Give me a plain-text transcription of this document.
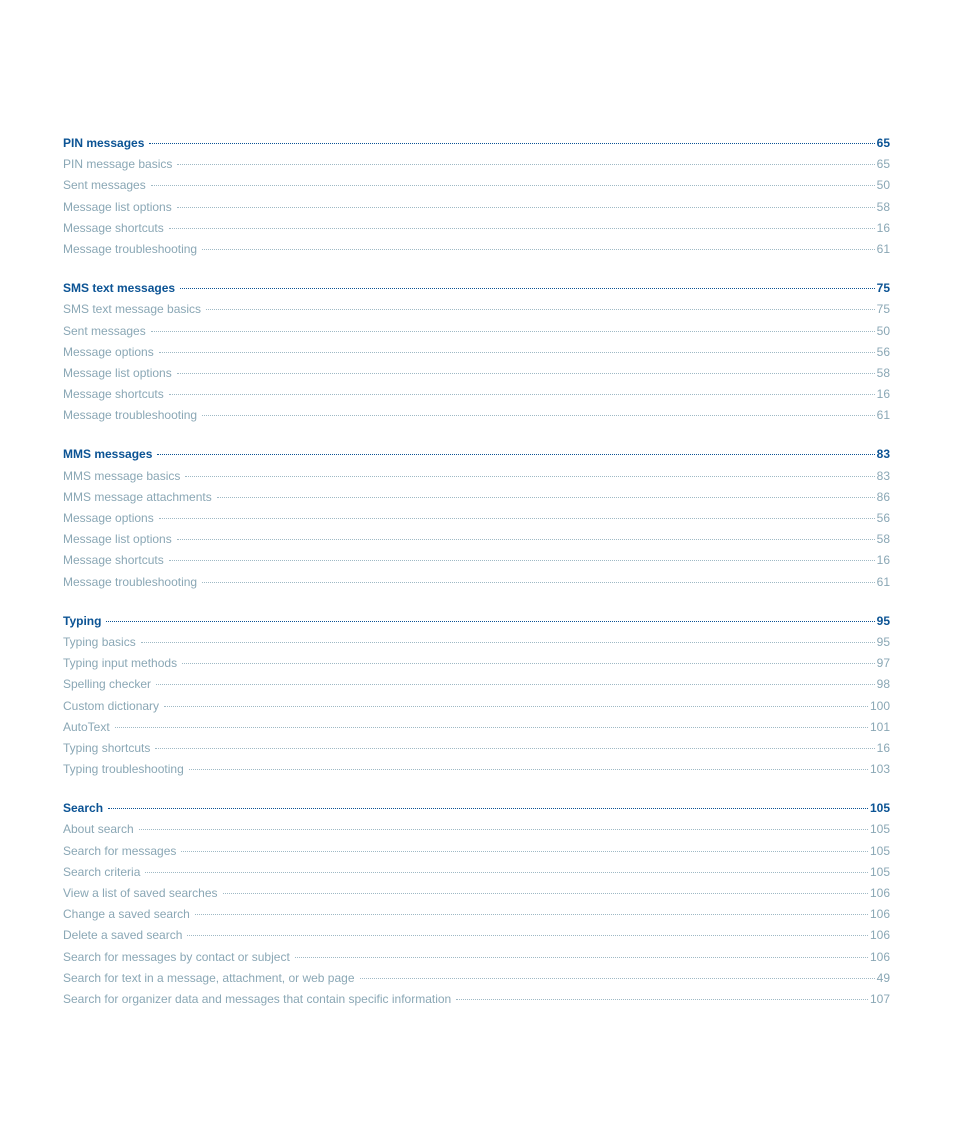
PIN messages	65
PIN message basics	65
Sent messages	50
Message list options	58
Message shortcuts	16
Message troubleshooting	61
SMS text messages	75
SMS text message basics	75
Sent messages	50
Message options	56
Message list options	58
Message shortcuts	16
Message troubleshooting	61
MMS messages	83
MMS message basics	83
MMS message attachments	86
Message options	56
Message list options	58
Message shortcuts	16
Message troubleshooting	61
Typing	95
Typing basics	95
Typing input methods	97
Spelling checker	98
Custom dictionary	100
AutoText	101
Typing shortcuts	16
Typing troubleshooting	103
Search	105
About search	105
Search for messages	105
Search criteria	105
View a list of saved searches	106
Change a saved search	106
Delete a saved search	106
Search for messages by contact or subject	106
Search for text in a message, attachment, or web page	49
Search for organizer data and messages that contain specific information	107
